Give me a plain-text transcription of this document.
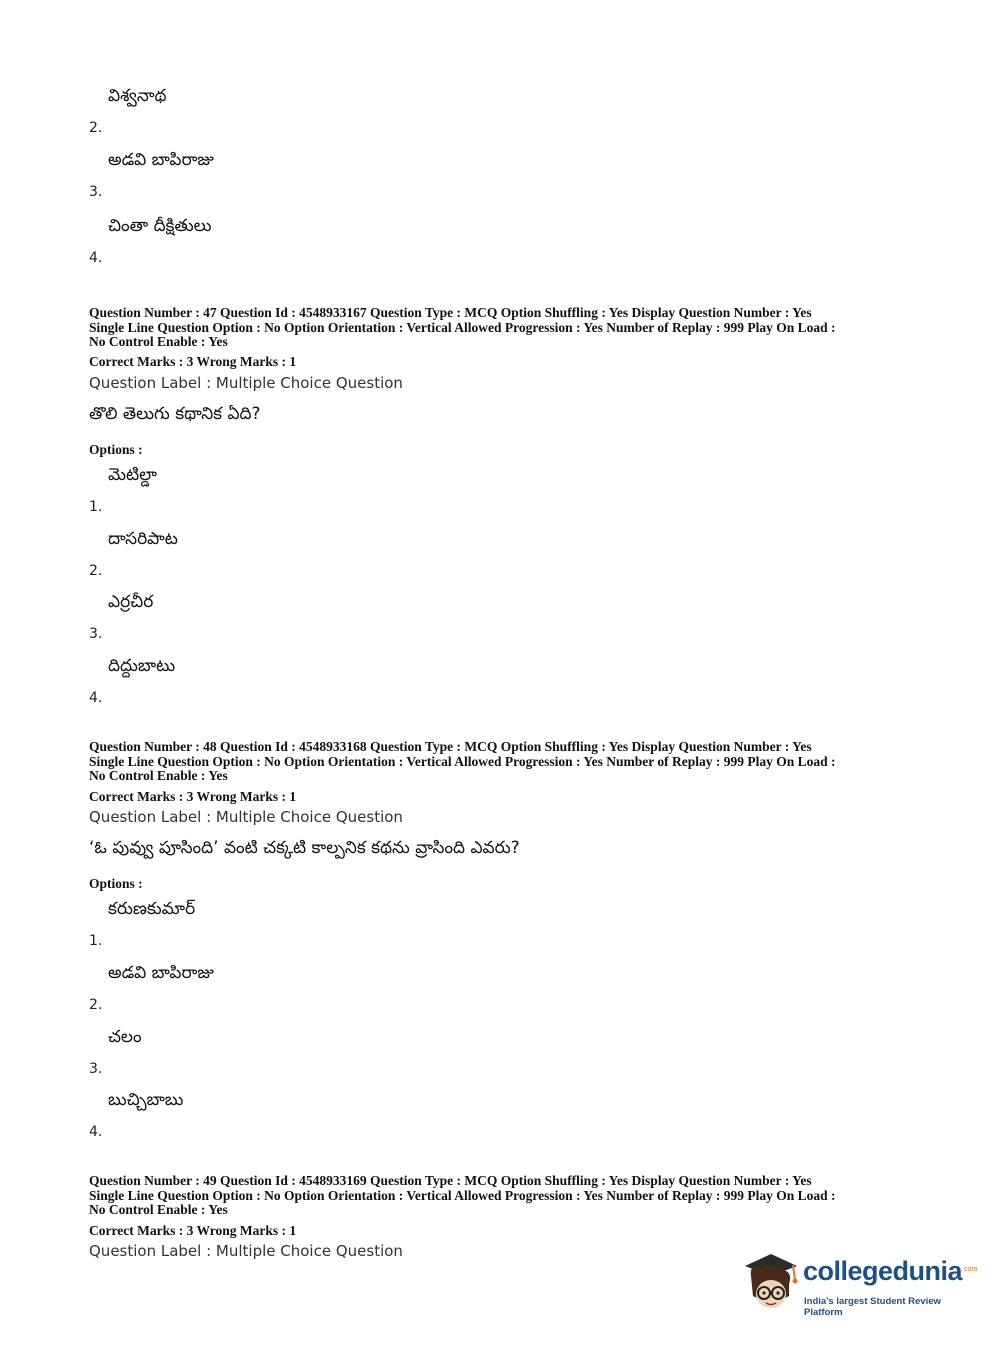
విశ్వనాథ
2.
అడవి బాపిరాజు
3.
చింతా దీక్షితులు
4.
Question Number : 47 Question Id : 4548933167 Question Type : MCQ Option Shuffling : Yes Display Question Number : Yes
Single Line Question Option : No Option Orientation : Vertical Allowed Progression : Yes Number of Replay : 999 Play On Load :
No Control Enable : Yes
Correct Marks : 3 Wrong Marks : 1
Question Label : Multiple Choice Question
తొలి తెలుగు కథానిక ఏది?
Options :
మెటిల్డా
1.
దాసరిపాట
2.
ఎర్రచీర
3.
దిద్దుబాటు
4.
Question Number : 48 Question Id : 4548933168 Question Type : MCQ Option Shuffling : Yes Display Question Number : Yes
Single Line Question Option : No Option Orientation : Vertical Allowed Progression : Yes Number of Replay : 999 Play On Load :
No Control Enable : Yes
Correct Marks : 3 Wrong Marks : 1
Question Label : Multiple Choice Question
‘ఓ పువ్వు పూసింది’ వంటి చక్కటి కాల్పనిక కథను వ్రాసింది ఎవరు?
Options :
కరుణకుమార్
1.
అడవి బాపిరాజు
2.
చలం
3.
బుచ్చిబాబు
4.
Question Number : 49 Question Id : 4548933169 Question Type : MCQ Option Shuffling : Yes Display Question Number : Yes
Single Line Question Option : No Option Orientation : Vertical Allowed Progression : Yes Number of Replay : 999 Play On Load :
No Control Enable : Yes
Correct Marks : 3 Wrong Marks : 1
Question Label : Multiple Choice Question
collegedunia .com
India's largest Student Review Platform
